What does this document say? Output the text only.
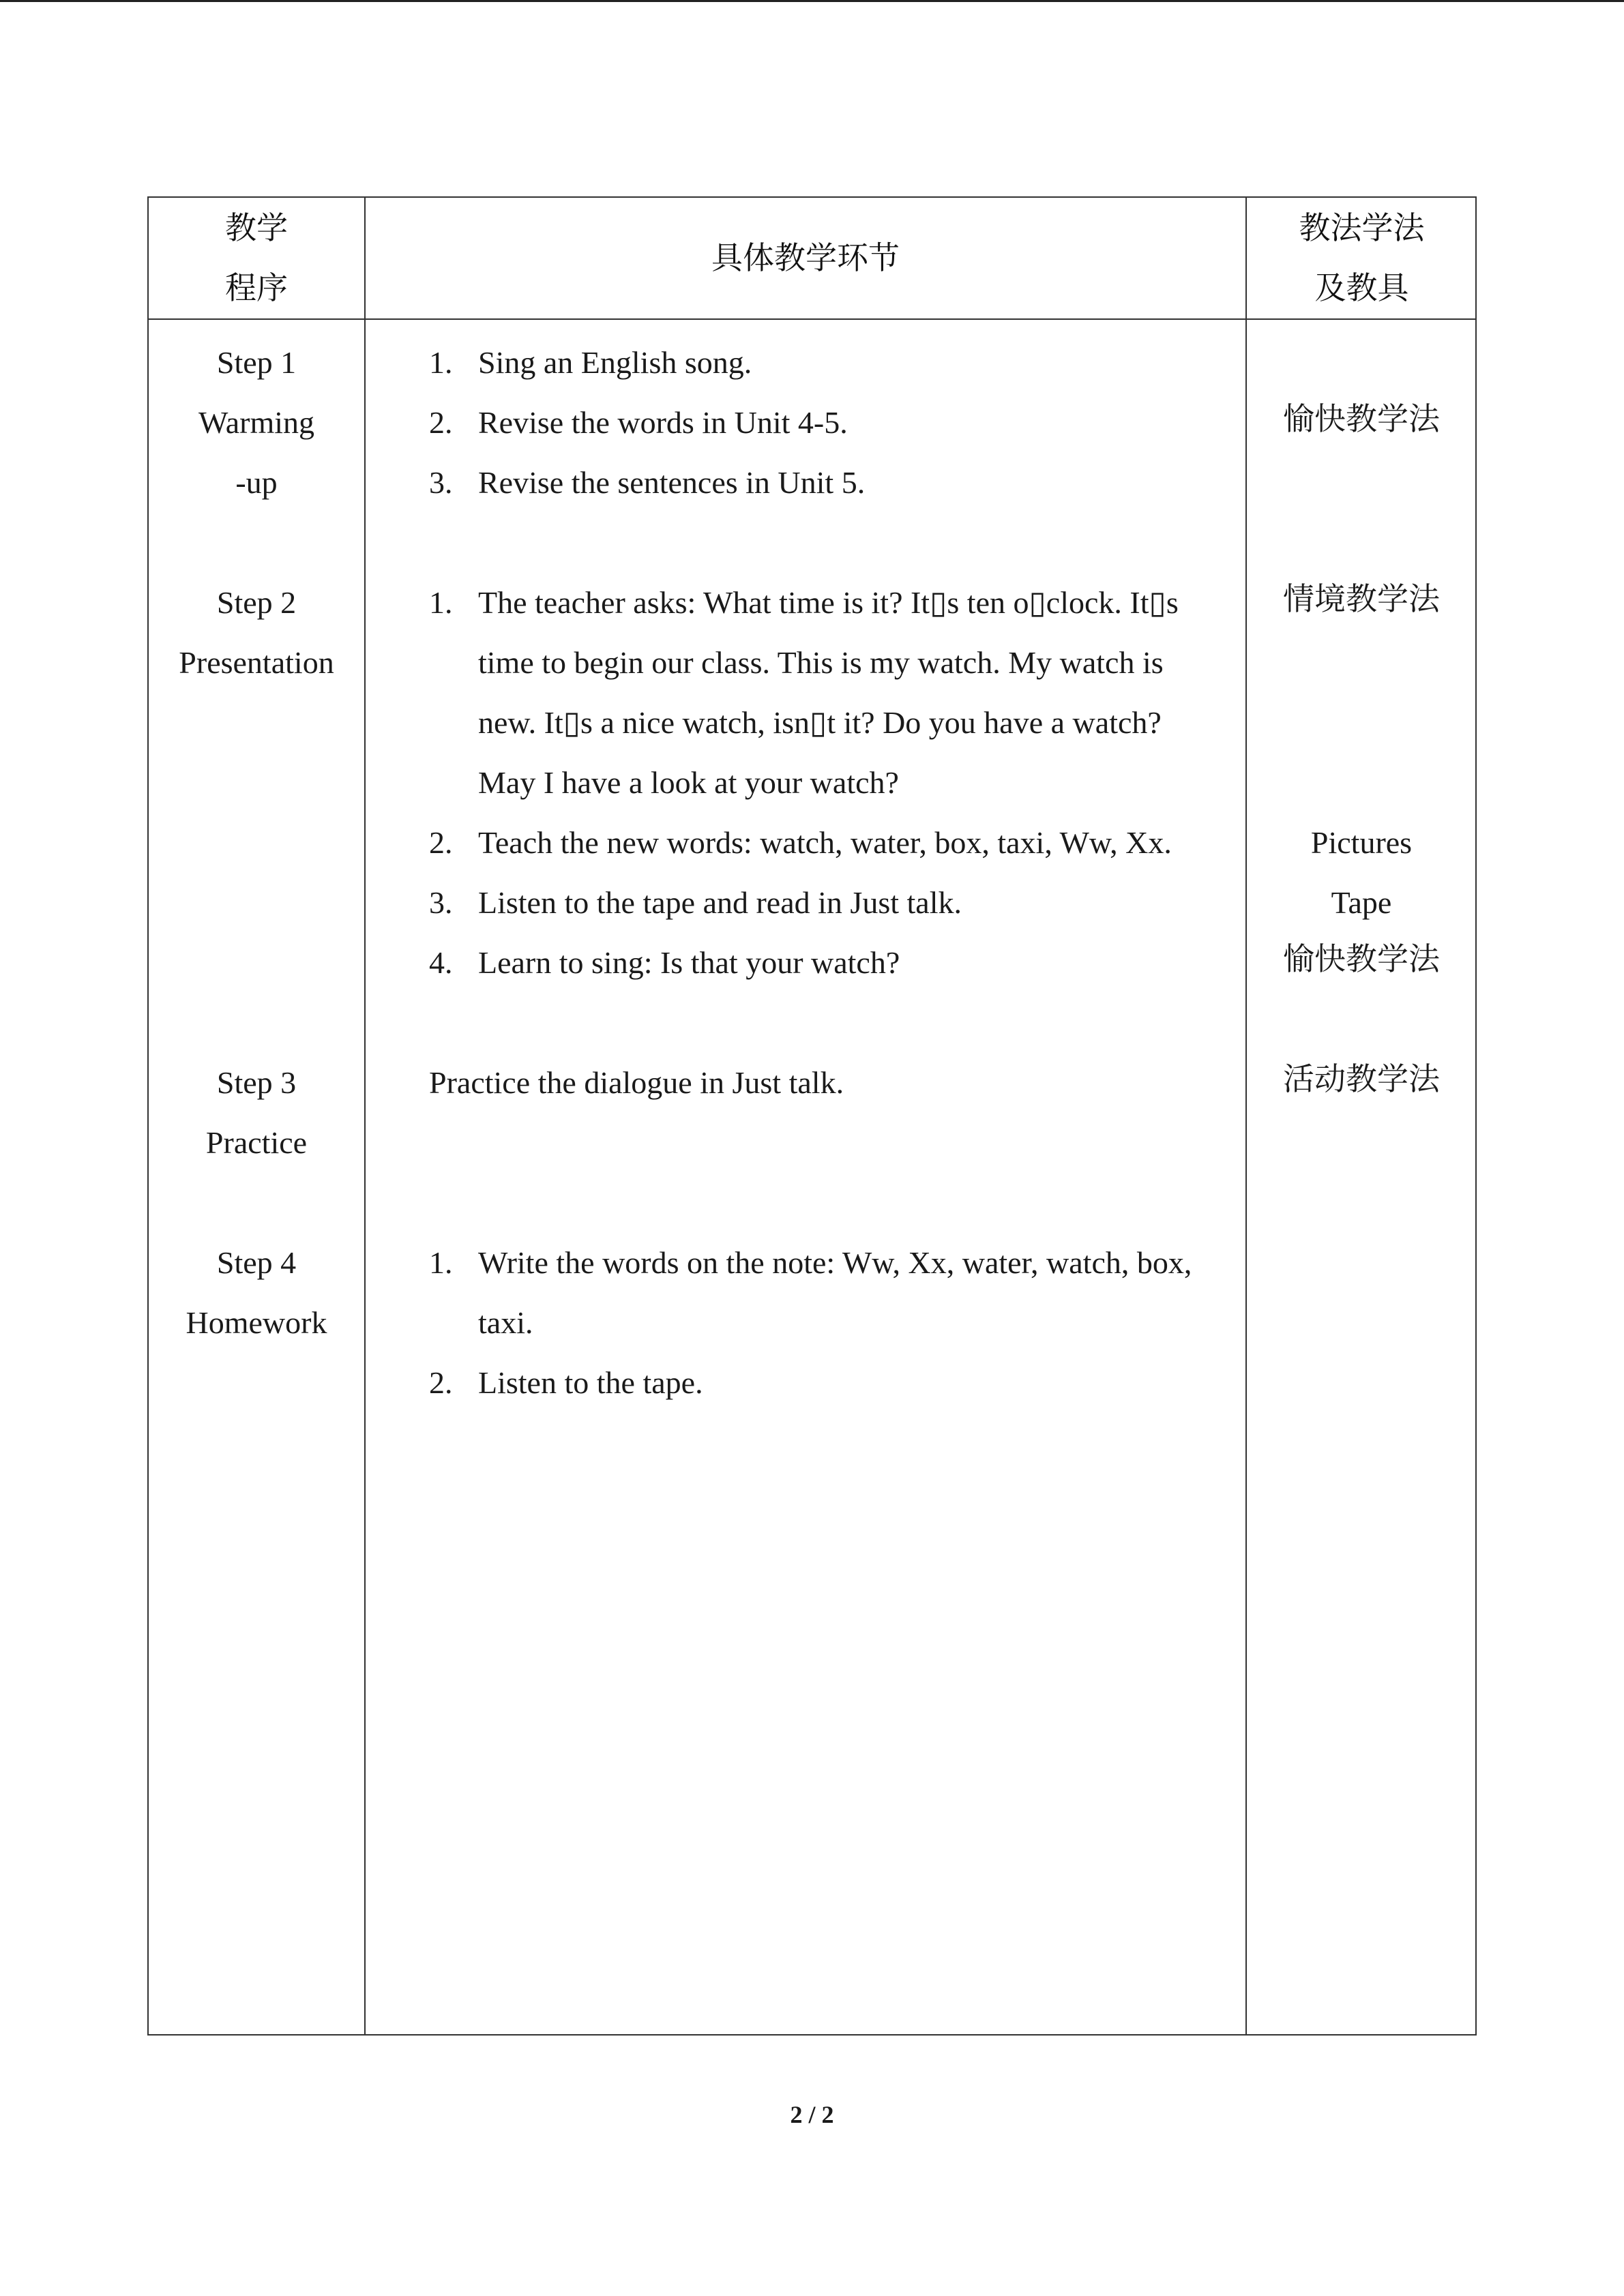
教学
程序
具体教学环节
教法学法
及教具
Step 1
Warming
-up
Step 2
Presentation
Step 3
Practice
Step 4
Homework
1. Sing an English song.
2. Revise the words in Unit 4-5.
3. Revise the sentences in Unit 5.
1. The teacher asks: What time is it? It▯s ten o▯clock. It▯s
time to begin our class. This is my watch. My watch is
new. It▯s a nice watch, isn▯t it? Do you have a watch?
May I have a look at your watch?
2. Teach the new words: watch, water, box, taxi, Ww, Xx.
3. Listen to the tape and read in Just talk.
4. Learn to sing: Is that your watch?
Practice the dialogue in Just talk.
1. Write the words on the note: Ww, Xx, water, watch, box,
taxi.
2. Listen to the tape.
愉快教学法
情境教学法
Pictures
Tape
愉快教学法
活动教学法
2 / 2
